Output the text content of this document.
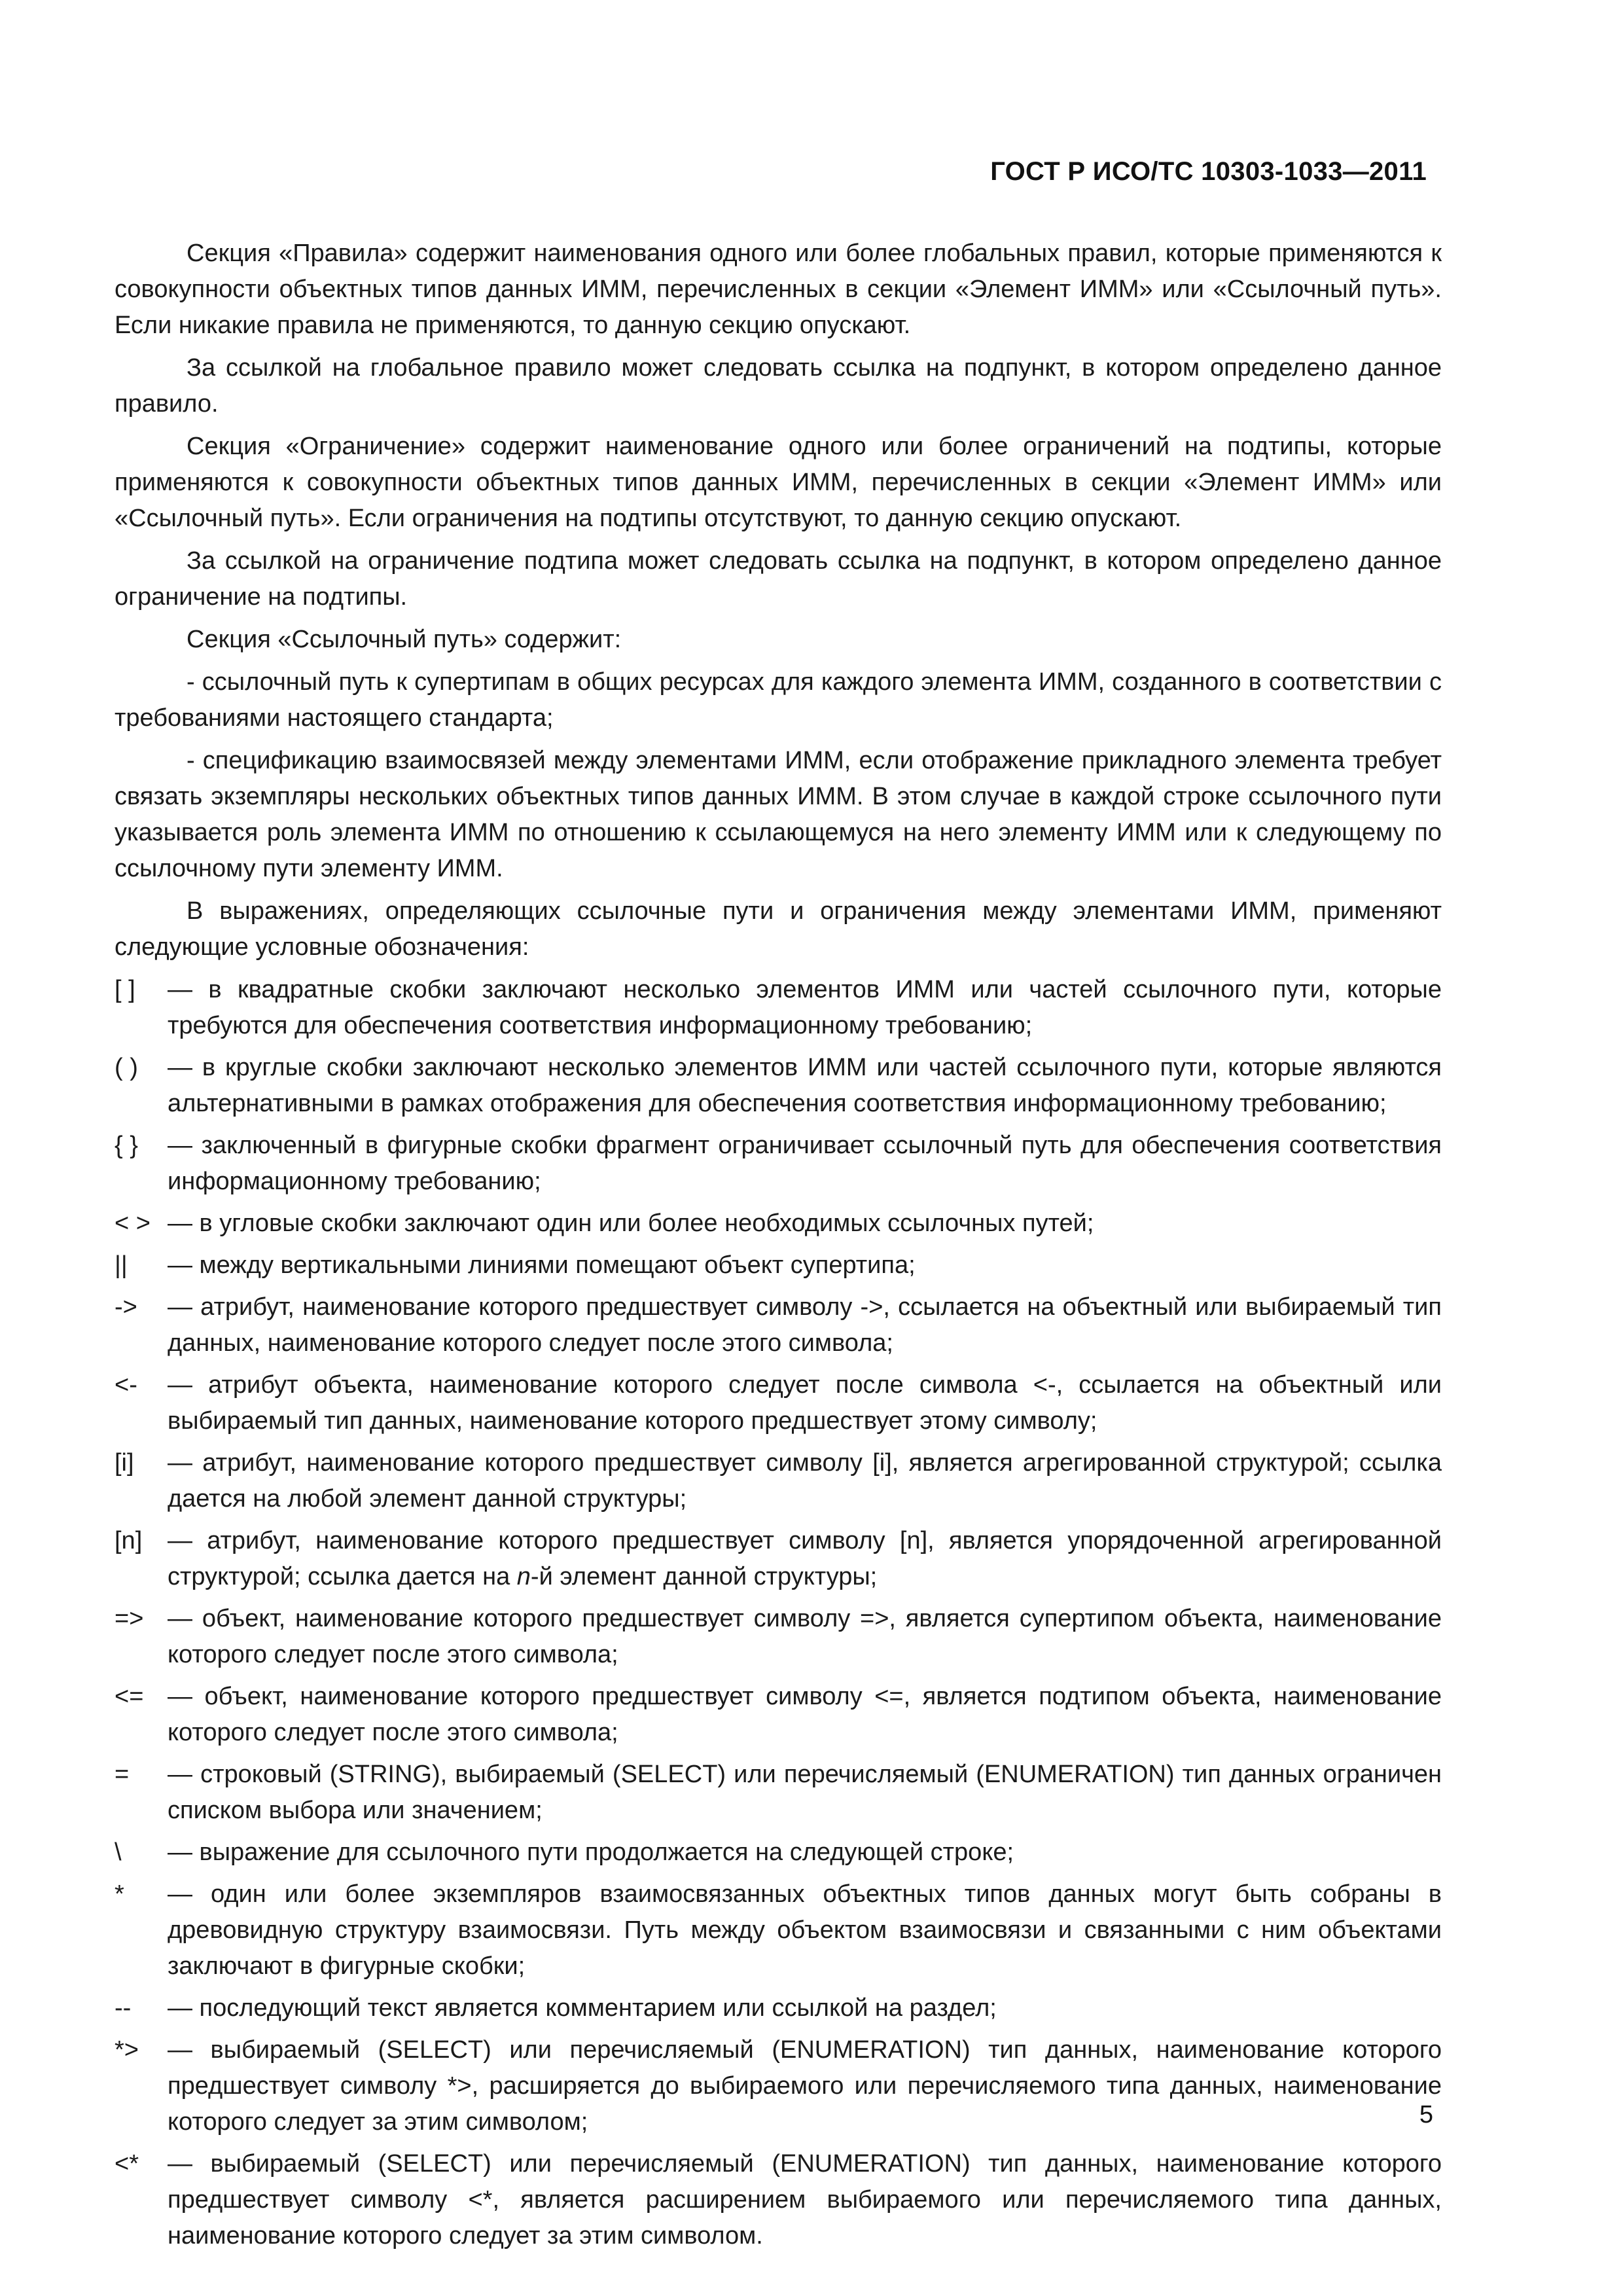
ГОСТ Р ИСО/ТС 10303-1033—2011

Секция «Правила» содержит наименования одного или более глобальных правил, которые применяются к совокупности объектных типов данных ИММ, перечисленных в секции «Элемент ИММ» или «Ссылочный путь». Если никакие правила не применяются, то данную секцию опускают.

За ссылкой на глобальное правило может следовать ссылка на подпункт, в котором определено данное правило.

Секция «Ограничение» содержит наименование одного или более ограничений на подтипы, которые применяются к совокупности объектных типов данных ИММ, перечисленных в секции «Элемент ИММ» или «Ссылочный путь». Если ограничения на подтипы отсутствуют, то данную секцию опускают.

За ссылкой на ограничение подтипа может следовать ссылка на подпункт, в котором определено данное ограничение на подтипы.

Секция «Ссылочный путь» содержит:

- ссылочный путь к супертипам в общих ресурсах для каждого элемента ИММ, созданного в соответствии с требованиями настоящего стандарта;

- спецификацию взаимосвязей между элементами ИММ, если отображение прикладного элемента требует связать экземпляры нескольких объектных типов данных ИММ. В этом случае в каждой строке ссылочного пути указывается роль элемента ИММ по отношению к ссылающемуся на него элементу ИММ или к следующему по ссылочному пути элементу ИММ.

В выражениях, определяющих ссылочные пути и ограничения между элементами ИММ, применяют следующие условные обозначения:

[ ]	— в квадратные скобки заключают несколько элементов ИММ или частей ссылочного пути, которые требуются для обеспечения соответствия информационному требованию;
( )	— в круглые скобки заключают несколько элементов ИММ или частей ссылочного пути, которые являются альтернативными в рамках отображения для обеспечения соответствия информационному требованию;
{ }	— заключенный в фигурные скобки фрагмент ограничивает ссылочный путь для обеспечения соответствия информационному требованию;
< > — в угловые скобки заключают один или более необходимых ссылочных путей;
||	— между вертикальными линиями помещают объект супертипа;
->	— атрибут, наименование которого предшествует символу ->, ссылается на объектный или выбираемый тип данных, наименование которого следует после этого символа;
<-	— атрибут объекта, наименование которого следует после символа <-, ссылается на объектный или выбираемый тип данных, наименование которого предшествует этому символу;
[i]	— атрибут, наименование которого предшествует символу [i], является агрегированной структурой; ссылка дается на любой элемент данной структуры;
[n]	— атрибут, наименование которого предшествует символу [n], является упорядоченной агрегированной структурой; ссылка дается на n-й элемент данной структуры;
=> — объект, наименование которого предшествует символу =>, является супертипом объекта, наименование которого следует после этого символа;
<= — объект, наименование которого предшествует символу <=, является подтипом объекта, наименование которого следует после этого символа;
=	— строковый (STRING), выбираемый (SELECT) или перечисляемый (ENUMERATION) тип данных ограничен списком выбора или значением;
\	— выражение для ссылочного пути продолжается на следующей строке;
*	— один или более экземпляров взаимосвязанных объектных типов данных могут быть собраны в древовидную структуру взаимосвязи. Путь между объектом взаимосвязи и связанными с ним объектами заключают в фигурные скобки;
--	— последующий текст является комментарием или ссылкой на раздел;
*>	— выбираемый (SELECT) или перечисляемый (ENUMERATION) тип данных, наименование которого предшествует символу *>, расширяется до выбираемого или перечисляемого типа данных, наименование которого следует за этим символом;
<*	— выбираемый (SELECT) или перечисляемый (ENUMERATION) тип данных, наименование которого предшествует символу <*, является расширением выбираемого или перечисляемого типа данных, наименование которого следует за этим символом.
5
